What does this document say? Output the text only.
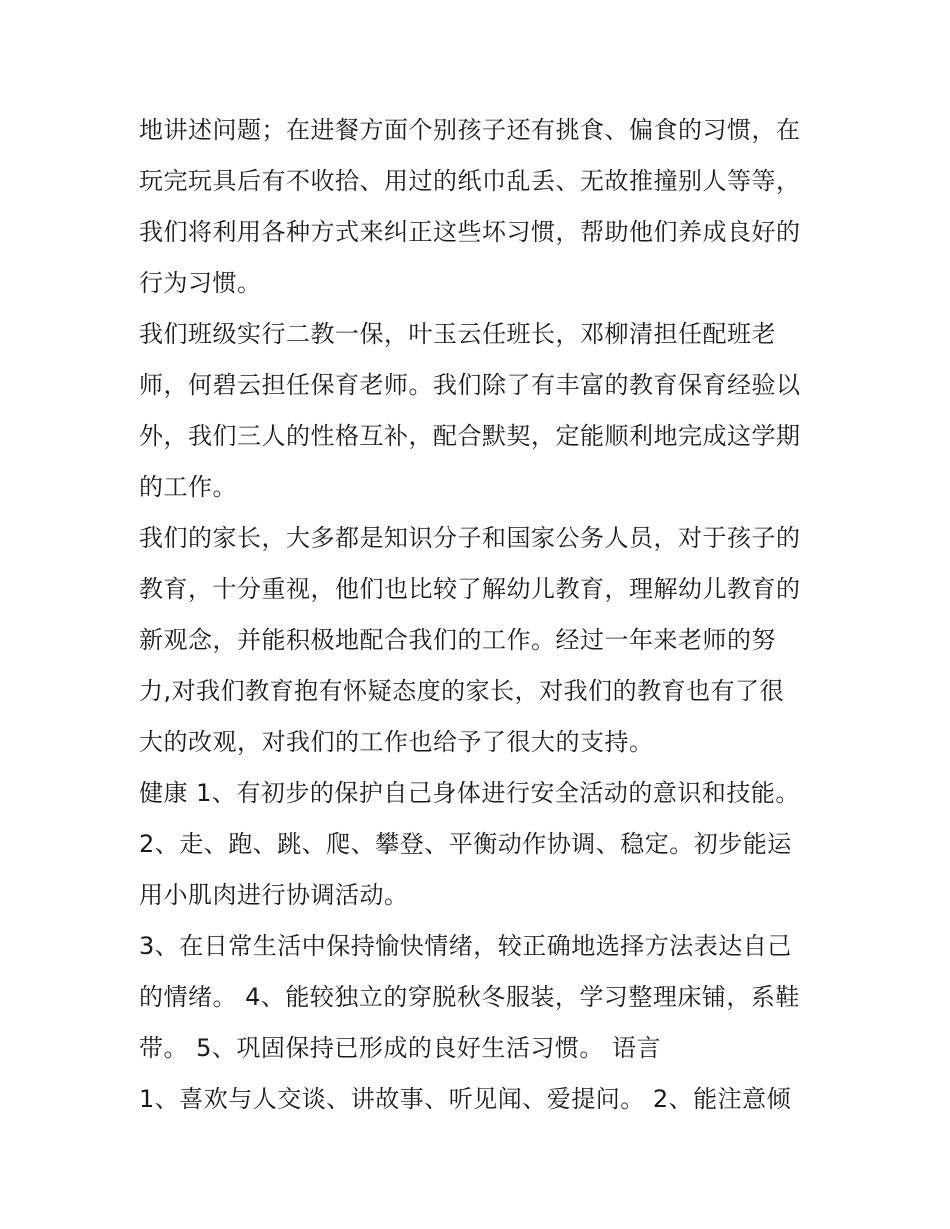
地讲述问题；在进餐方面个别孩子还有挑食、偏食的习惯，在
玩完玩具后有不收拾、用过的纸巾乱丢、无故推撞别人等等，
我们将利用各种方式来纠正这些坏习惯，帮助他们养成良好的
行为习惯。
我们班级实行二教一保，叶玉云任班长，邓柳清担任配班老
师，何碧云担任保育老师。我们除了有丰富的教育保育经验以
外，我们三人的性格互补，配合默契，定能顺利地完成这学期
的工作。
我们的家长，大多都是知识分子和国家公务人员，对于孩子的
教育，十分重视，他们也比较了解幼儿教育，理解幼儿教育的
新观念，并能积极地配合我们的工作。经过一年来老师的努
力,对我们教育抱有怀疑态度的家长，对我们的教育也有了很
大的改观，对我们的工作也给予了很大的支持。
健康 1、有初步的保护自己身体进行安全活动的意识和技能。
2、走、跑、跳、爬、攀登、平衡动作协调、稳定。初步能运
用小肌肉进行协调活动。
3、在日常生活中保持愉快情绪，较正确地选择方法表达自己
的情绪。 4、能较独立的穿脱秋冬服装，学习整理床铺，系鞋
带。 5、巩固保持已形成的良好生活习惯。 语言
1、喜欢与人交谈、讲故事、听见闻、爱提问。 2、能注意倾
